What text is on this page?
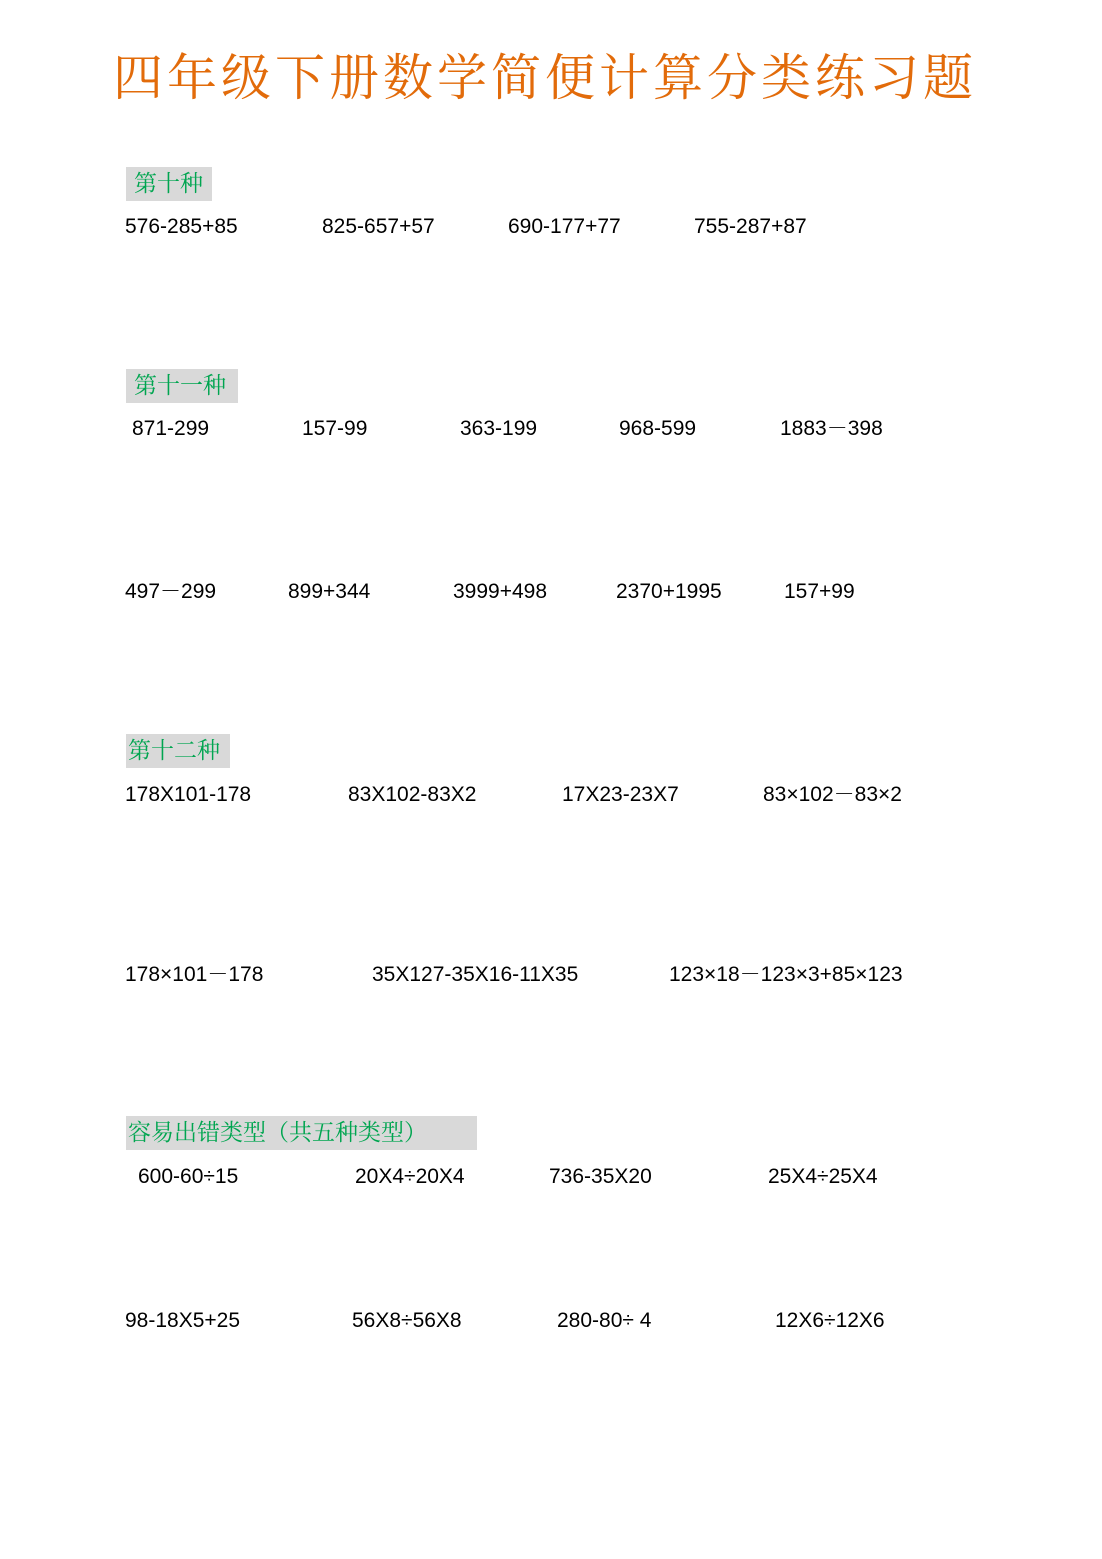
四年级下册数学简便计算分类练习题
第十种
576-285+85	825-657+57	690-177+77	755-287+87
第十一种
871-299	157-99	363-199	968-599	1883－398
497－299	899+344	3999+498	2370+1995	157+99
第十二种
178X101-178	83X102-83X2	17X23-23X7	83×102－83×2
178×101－178	35X127-35X16-11X35	123×18－123×3+85×123
容易出错类型（共五种类型）
600-60÷15	20X4÷20X4	736-35X20	25X4÷25X4
98-18X5+25	56X8÷56X8	280-80÷ 4	12X6÷12X6
